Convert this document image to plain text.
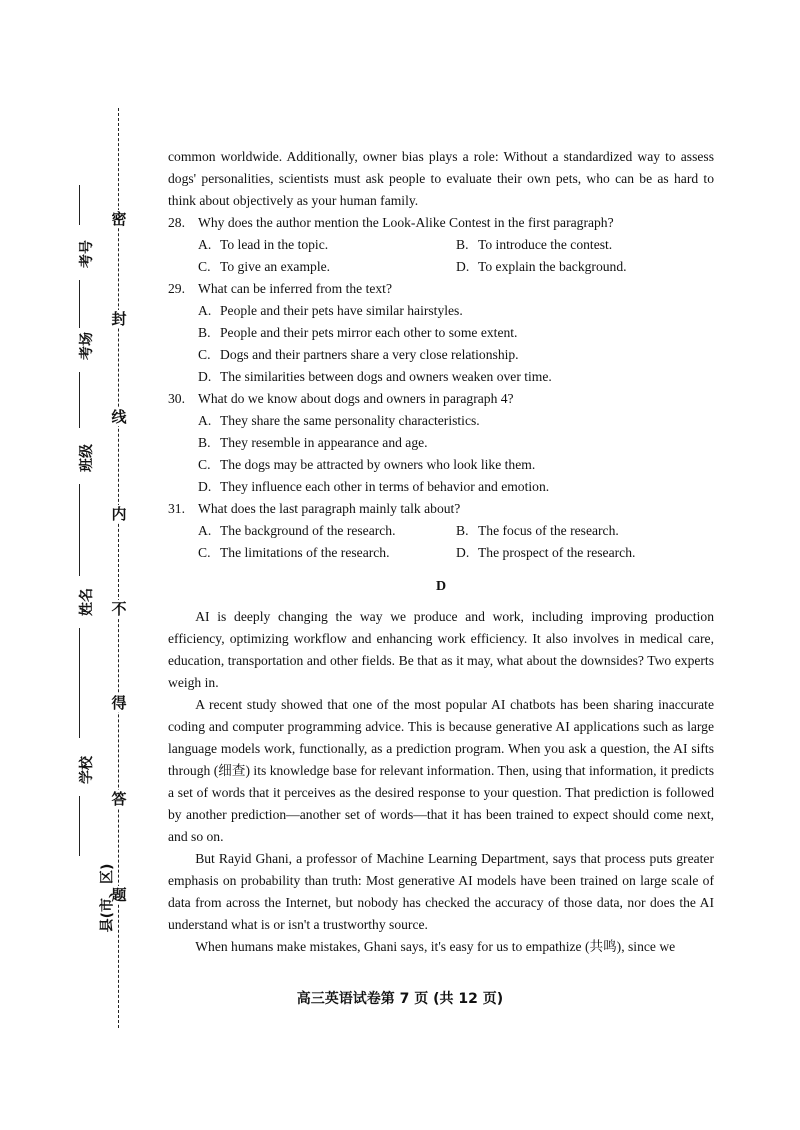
密
封
线
内
不
得
答
题
考号
考场
班级
姓名
学校
县(市、区)

common worldwide. Additionally, owner bias plays a role: Without a standardized way to assess dogs' personalities, scientists must ask people to evaluate their own pets, who can be as hard to think about objectively as your human family.

28. Why does the author mention the Look-Alike Contest in the first paragraph?

A. To lead in the topic.	B. To introduce the contest.
C. To give an example.	D. To explain the background.

29. What can be inferred from the text?

A. People and their pets have similar hairstyles.
B. People and their pets mirror each other to some extent.
C. Dogs and their partners share a very close relationship.
D. The similarities between dogs and owners weaken over time.

30. What do we know about dogs and owners in paragraph 4?

A. They share the same personality characteristics.
B. They resemble in appearance and age.
C. The dogs may be attracted by owners who look like them.
D. They influence each other in terms of behavior and emotion.

31. What does the last paragraph mainly talk about?

A. The background of the research.	B. The focus of the research.
C. The limitations of the research.	D. The prospect of the research.
D

AI is deeply changing the way we produce and work, including improving production efficiency, optimizing workflow and enhancing work efficiency. It also involves in medical care, education, transportation and other fields. Be that as it may, what about the downsides? Two experts weigh in.

A recent study showed that one of the most popular AI chatbots has been sharing inaccurate coding and computer programming advice. This is because generative AI applications such as large language models work, functionally, as a prediction program. When you ask a question, the AI sifts through (细查) its knowledge base for relevant information. Then, using that information, it predicts a set of words that it perceives as the desired response to your question. That prediction is followed by another prediction—another set of words—that it has been trained to expect should come next, and so on.

But Rayid Ghani, a professor of Machine Learning Department, says that process puts greater emphasis on probability than truth: Most generative AI models have been trained on large scale of data from across the Internet, but nobody has checked the accuracy of those data, nor does the AI understand what is or isn't a trustworthy source.

When humans make mistakes, Ghani says, it's easy for us to empathize (共鸣), since we

高三英语试卷第 7 页 (共 12 页)
